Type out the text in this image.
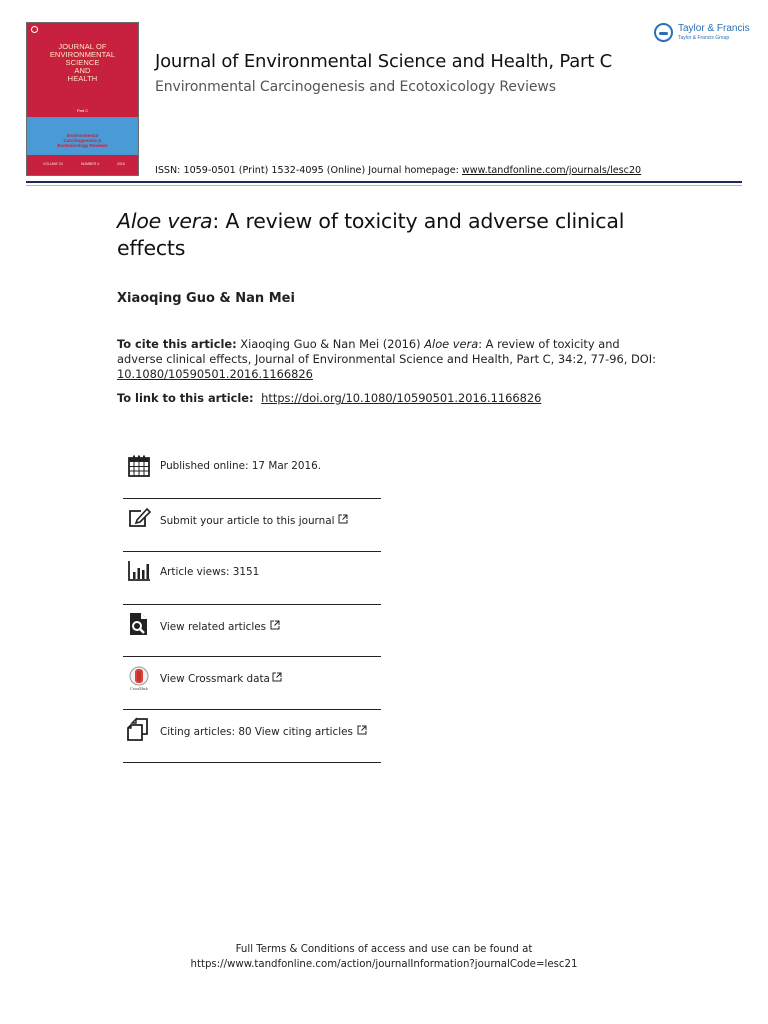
JOURNAL OF
ENVIRONMENTAL
SCIENCE
AND
HEALTH
Part C
Environmental
Carcinogenesis &
Ecotoxicology Reviews
VOLUME 34	NUMBER 4	2016
Journal of Environmental Science and Health, Part C
Environmental Carcinogenesis and Ecotoxicology Reviews
ISSN: 1059-0501 (Print) 1532-4095 (Online) Journal homepage: www.tandfonline.com/journals/lesc20
Taylor & Francis
Taylor & Francis Group
Aloe vera: A review of toxicity and adverse clinical effects
Xiaoqing Guo & Nan Mei
To cite this article: Xiaoqing Guo & Nan Mei (2016) Aloe vera: A review of toxicity and adverse clinical effects, Journal of Environmental Science and Health, Part C, 34:2, 77-96, DOI:
10.1080/10590501.2016.1166826
To link to this article: https://doi.org/10.1080/10590501.2016.1166826
Published online: 17 Mar 2016.
Submit your article to this journal
Article views: 3151
View related articles
CrossMark
View Crossmark data
Citing articles: 80 View citing articles
Full Terms & Conditions of access and use can be found at
https://www.tandfonline.com/action/journalInformation?journalCode=lesc21
